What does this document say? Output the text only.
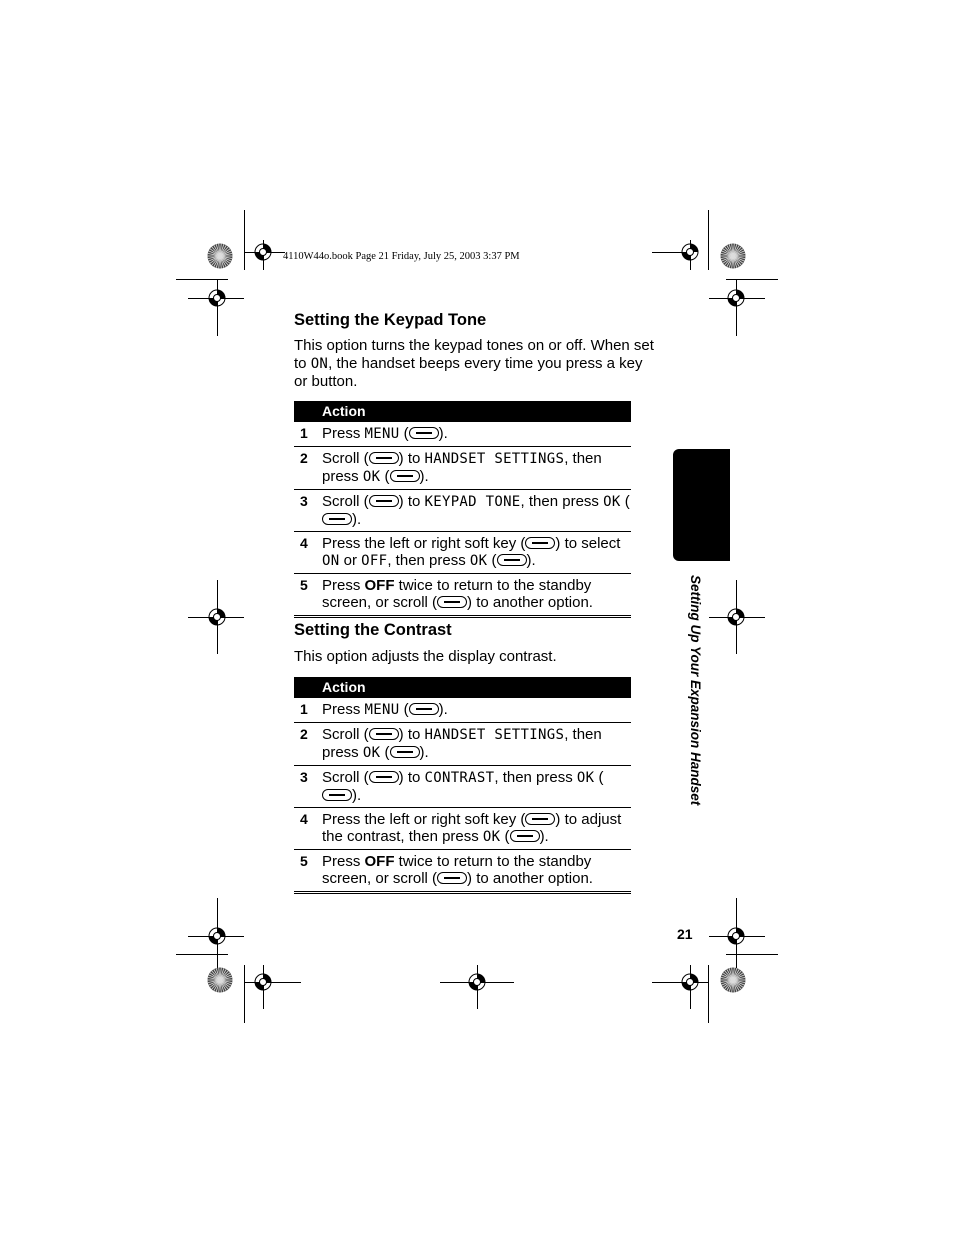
4110W44o.book Page 21 Friday, July 25, 2003 3:37 PM
Setting the Keypad Tone
This option turns the keypad tones on or off. When set to ON, the handset beeps every time you press a key or button.
Action	
1	Press MENU ( ).
2	Scroll ( ) to HANDSET SETTINGS, then press OK ( ).
3	Scroll ( ) to KEYPAD TONE, then press OK ().
4	Press the left or right soft key ( ) to select ON or OFF, then press OK ( ).
5	Press OFF twice to return to the standby screen, or scroll ( ) to another option.
Setting the Contrast
This option adjusts the display contrast.
Action	
1	Press MENU ( ).
2	Scroll ( ) to HANDSET SETTINGS, then press OK ( ).
3	Scroll ( ) to CONTRAST, then press OK ().
4	Press the left or right soft key ( ) to adjust the contrast, then press OK ( ).
5	Press OFF twice to return to the standby screen, or scroll ( ) to another option.
Setting Up Your Expansion Handset
21
